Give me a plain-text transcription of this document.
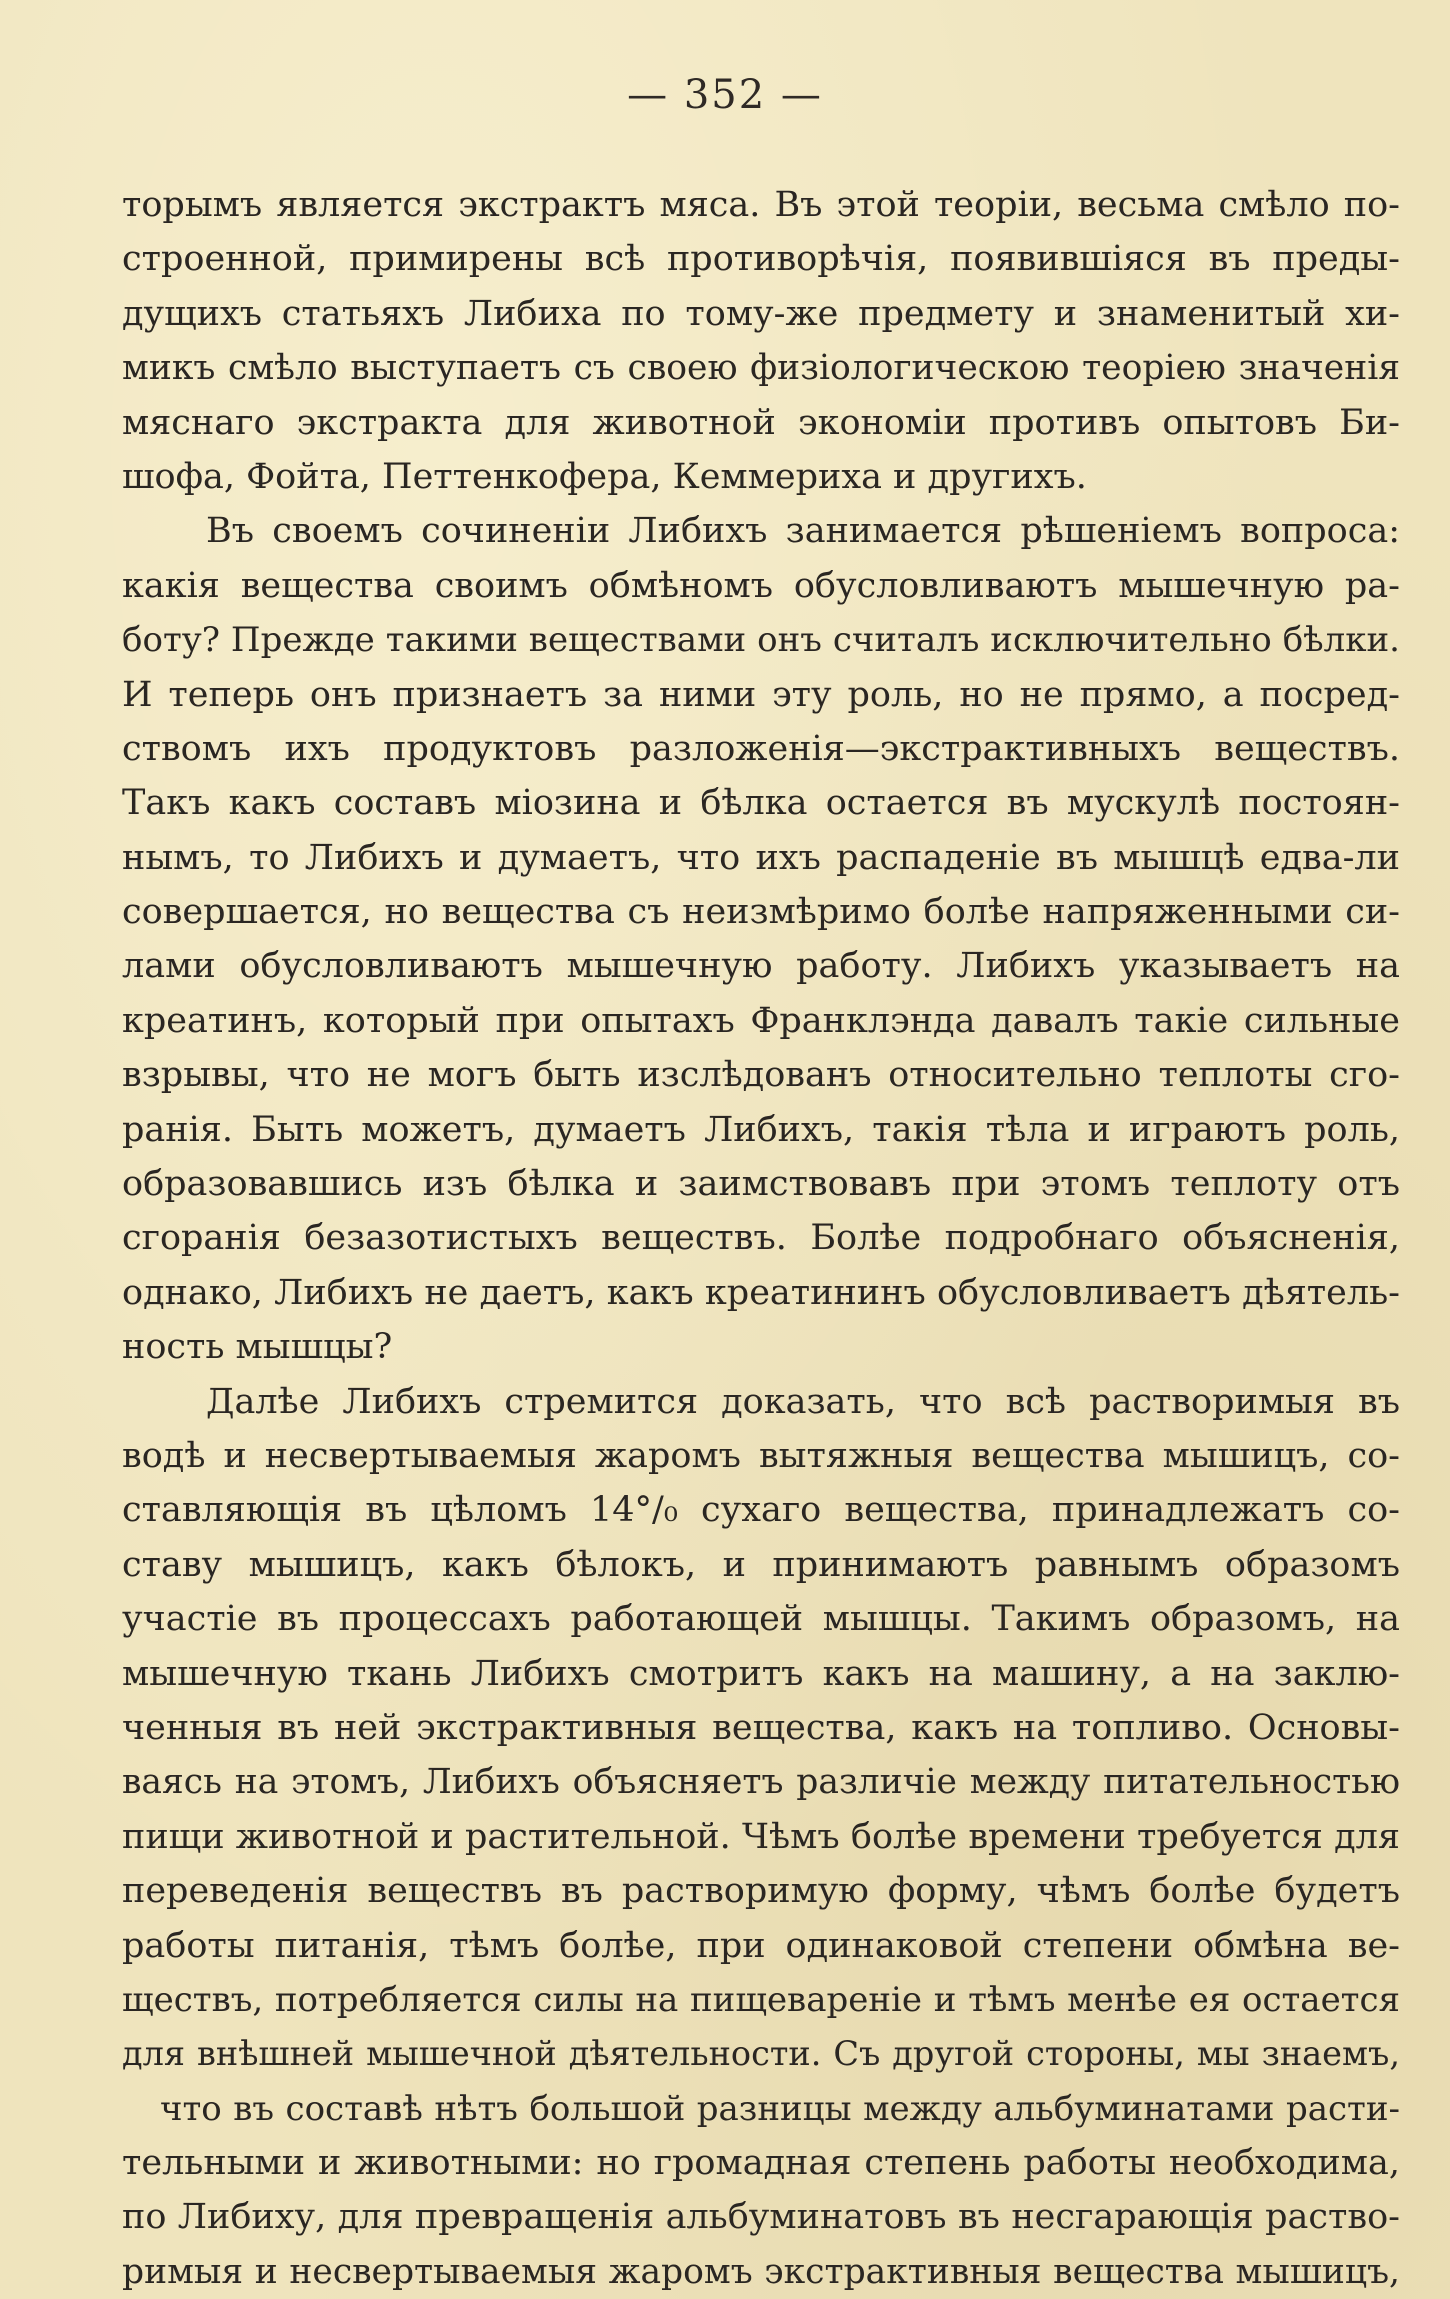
— 352 —
торымъ является экстрактъ мяса. Въ этой теоріи, весьма смѣло по-
строенной, примирены всѣ противорѣчія, появившіяся въ преды-
дущихъ статьяхъ Либиха по тому-же предмету и знаменитый хи-
микъ смѣло выступаетъ съ своею физіологическою теоріею значенія
мяснаго экстракта для животной экономіи противъ опытовъ Би-
шофа, Фойта, Петтенкофера, Кеммериха и другихъ.
Въ своемъ сочиненіи Либихъ занимается рѣшеніемъ вопроса:
какія вещества своимъ обмѣномъ обусловливаютъ мышечную ра-
боту? Прежде такими веществами онъ считалъ исключительно бѣлки.
И теперь онъ признаетъ за ними эту роль, но не прямо, а посред-
ствомъ ихъ продуктовъ разложенія—экстрактивныхъ веществъ.
Такъ какъ составъ міозина и бѣлка остается въ мускулѣ постоян-
нымъ, то Либихъ и думаетъ, что ихъ распаденіе въ мышцѣ едва-ли
совершается, но вещества съ неизмѣримо болѣе напряженными си-
лами обусловливаютъ мышечную работу. Либихъ указываетъ на
креатинъ, который при опытахъ Франклэнда давалъ такіе сильные
взрывы, что не могъ быть изслѣдованъ относительно теплоты сго-
ранія. Быть можетъ, думаетъ Либихъ, такія тѣла и играютъ роль,
образовавшись изъ бѣлка и заимствовавъ при этомъ теплоту отъ
сгоранія безазотистыхъ веществъ. Болѣе подробнаго объясненія,
однако, Либихъ не даетъ, какъ креатининъ обусловливаетъ дѣятель-
ность мышцы?
Далѣе Либихъ стремится доказать, что всѣ растворимыя въ
водѣ и несвертываемыя жаромъ вытяжныя вещества мышицъ, со-
ставляющія въ цѣломъ 14°/₀ сухаго вещества, принадлежатъ со-
ставу мышицъ, какъ бѣлокъ, и принимаютъ равнымъ образомъ
участіе въ процессахъ работающей мышцы. Такимъ образомъ, на
мышечную ткань Либихъ смотритъ какъ на машину, а на заклю-
ченныя въ ней экстрактивныя вещества, какъ на топливо. Основы-
ваясь на этомъ, Либихъ объясняетъ различіе между питательностью
пищи животной и растительной. Чѣмъ болѣе времени требуется для
переведенія веществъ въ растворимую форму, чѣмъ болѣе будетъ
работы питанія, тѣмъ болѣе, при одинаковой степени обмѣна ве-
ществъ, потребляется силы на пищевареніе и тѣмъ менѣе ея остается
для внѣшней мышечной дѣятельности. Съ другой стороны, мы знаемъ,
что въ составѣ нѣтъ большой разницы между альбуминатами расти-
тельными и животными: но громадная степень работы необходима,
по Либиху, для превращенія альбуминатовъ въ несгарающія раство-
римыя и несвертываемыя жаромъ экстрактивныя вещества мышицъ,
